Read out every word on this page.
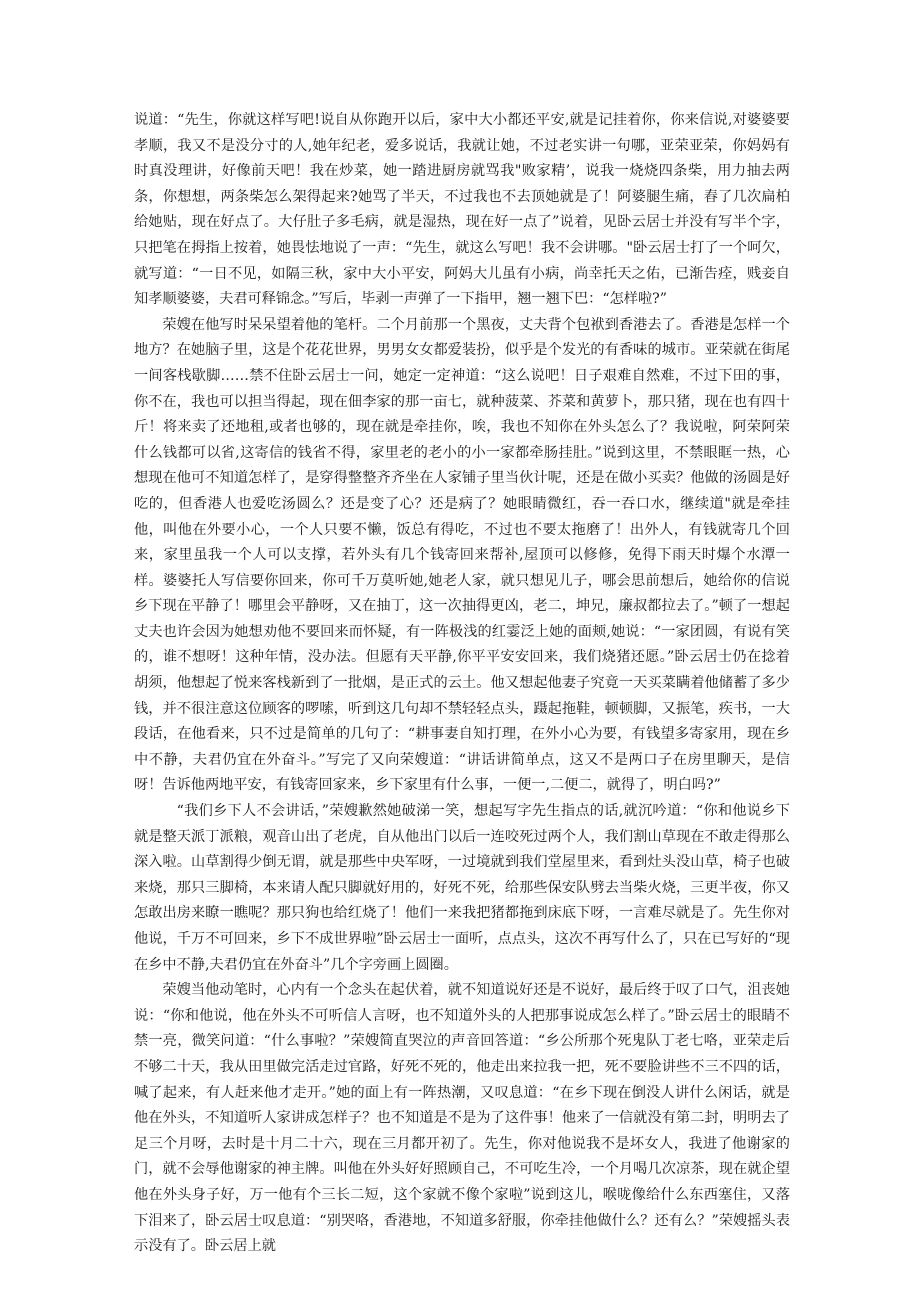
说道：“先生，你就这样写吧!说自从你跑开以后，家中大小都还平安,就是记挂着你，你来信说,对婆婆要孝顺，我又不是没分寸的人,她年纪老，爱多说话，我就让她，不过老实讲一句哪，亚荣亚荣，你妈妈有时真没理讲，好像前天吧！我在炒菜，她一踏进厨房就骂我"败家精’，说我一烧烧四条柴，用力抽去两条，你想想，两条柴怎么架得起来?她骂了半天，不过我也不去顶她就是了！阿婆腿生痛，舂了几次扁柏给她贴，现在好点了。大仔肚子多毛病，就是湿热，现在好一点了”说着，见卧云居士并没有写半个字，只把笔在拇指上按着，她畏怯地说了一声：“先生，就这么写吧！我不会讲哪。"卧云居士打了一个呵欠，就写道：“一日不见，如隔三秋，家中大小平安，阿妈大儿虽有小病，尚幸托天之佑，已渐告痊，贱妾自知孝顺婆婆，夫君可释锦念。”写后，毕剥一声弹了一下指甲，翘一翘下巴：“怎样啦?”

荣嫂在他写时呆呆望着他的笔杆。二个月前那一个黑夜，丈夫背个包袱到香港去了。香港是怎样一个地方？在她脑子里，这是个花花世界，男男女女都爱装扮，似乎是个发光的有香味的城市。亚荣就在街尾一间客栈歇脚……禁不住卧云居士一问，她定一定神道：“这么说吧！日子艰难自然难，不过下田的事，你不在，我也可以担当得起，现在佃李家的那一亩七，就种菠菜、芥菜和黄萝卜，那只猪，现在也有四十斤！将来卖了还地租,或者也够的，现在就是牵挂你，唉，我也不知你在外头怎么了？我说啦，阿荣阿荣什么钱都可以省,这寄信的钱省不得，家里老的老小的小一家都牵肠挂肚。”说到这里，不禁眼眶一热，心想现在他可不知道怎样了，是穿得整整齐齐坐在人家铺子里当伙计呢，还是在做小买卖？他做的汤圆是好吃的，但香港人也爱吃汤圆么？还是变了心？还是病了？她眼睛微红，吞一吞口水，继续道"就是牵挂他，叫他在外要小心，一个人只要不懒，饭总有得吃，不过也不要太拖磨了！出外人，有钱就寄几个回来，家里虽我一个人可以支撑，若外头有几个钱寄回来帮补,屋顶可以修修，免得下雨天时爆个水潭一样。婆婆托人写信要你回来，你可千万莫听她,她老人家，就只想见儿子，哪会思前想后，她给你的信说乡下现在平静了！哪里会平静呀，又在抽丁，这一次抽得更凶，老二，坤兄，廉叔都拉去了。”顿了一想起丈夫也许会因为她想劝他不要回来而怀疑，有一阵极浅的红霎泛上她的面颊,她说：“一家团圆，有说有笑的，谁不想呀！这种年情，没办法。但愿有天平静,你平平安安回来，我们烧猪还愿。”卧云居士仍在捻着胡须，他想起了悦来客栈新到了一批烟，是正式的云土。他又想起他妻子究竟一天买菜瞒着他储蓄了多少钱，并不很注意这位顾客的啰嗦，听到这几句却不禁轻轻点头，蹑起拖鞋，顿顿脚，又振笔，疾书，一大段话，在他看来，只不过是简单的几句了：“耕事妻自知打理，在外小心为要，有钱望多寄家用，现在乡中不静，夫君仍宜在外奋斗。”写完了又向荣嫂道：“讲话讲简单点，这又不是两口子在房里聊天，是信呀！告诉他两地平安，有钱寄回家来，乡下家里有什么事，一便一,二便二，就得了，明白吗?”

“我们乡下人不会讲话，”荣嫂歉然她破涕一笑，想起写字先生指点的话,就沉吟道：“你和他说乡下就是整天派丁派粮，观音山出了老虎，自从他出门以后一连咬死过两个人，我们割山草现在不敢走得那么深入啦。山草割得少倒无谓，就是那些中央军呀，一过境就到我们堂屋里来，看到灶头没山草，椅子也破来烧，那只三脚椅，本来请人配只脚就好用的，好死不死，给那些保安队劈去当柴火烧，三更半夜，你又怎敢出房来瞭一瞧呢？那只狗也给红烧了！他们一来我把猪都拖到床底下呀，一言难尽就是了。先生你对他说，千万不可回来，乡下不成世界啦”卧云居士一面听，点点头，这次不再写什么了，只在已写好的“现在乡中不静,夫君仍宜在外奋斗”几个字旁画上圆圈。

荣嫂当他动笔时，心内有一个念头在起伏着，就不知道说好还是不说好，最后终于叹了口气，沮丧她说：“你和他说，他在外头不可听信人言呀，也不知道外头的人把那事说成怎么样了。”卧云居士的眼睛不禁一亮，微笑问道：“什么事啦？”荣嫂简直哭泣的声音回答道：“乡公所那个死鬼队丁老七咯，亚荣走后不够二十天，我从田里做完活走过官路，好死不死的，他走出来拉我一把，死不要脸讲些不三不四的话，喊了起来，有人赶来他才走开。”她的面上有一阵热潮，又叹息道：“在乡下现在倒没人讲什么闲话，就是他在外头，不知道听人家讲成怎样子？也不知道是不是为了这件事！他来了一信就没有第二封，明明去了足三个月呀，去时是十月二十六，现在三月都开初了。先生，你对他说我不是坏女人，我进了他谢家的门，就不会辱他谢家的神主牌。叫他在外头好好照顾自己，不可吃生冷，一个月喝几次凉茶，现在就企望他在外头身子好，万一他有个三长二短，这个家就不像个家啦”说到这儿，喉咙像给什么东西塞住，又落下泪来了，卧云居士叹息道：“别哭咯，香港地，不知道多舒服，你牵挂他做什么？还有么？”荣嫂摇头表示没有了。卧云居上就
